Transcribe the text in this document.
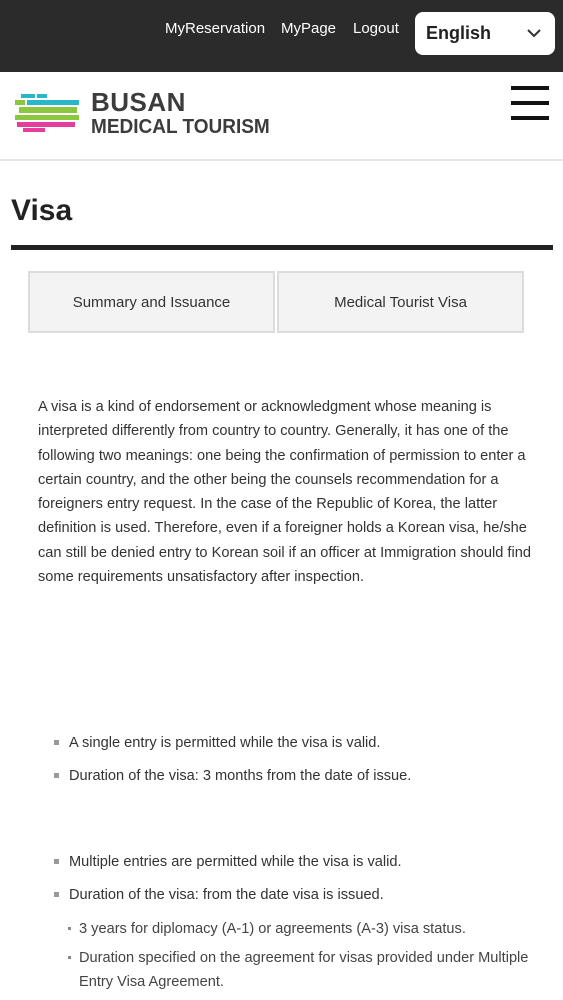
MyReservation MyPage Logout English
BUSAN
MEDICAL TOURISM
Visa
Summary and Issuance	Medical Tourist Visa

A visa is a kind of endorsement or acknowledgment whose meaning is interpreted differently from country to country. Generally, it has one of the following two meanings: one being the confirmation of permission to enter a certain country, and the other being the counsels recommendation for a foreigners entry request. In the case of the Republic of Korea, the latter definition is used. Therefore, even if a foreigner holds a Korean visa, he/she can still be denied entry to Korean soil if an officer at Immigration should find some requirements unsatisfactory after inspection.

A single entry is permitted while the visa is valid.
Duration of the visa: 3 months from the date of issue.
Multiple entries are permitted while the visa is valid.
Duration of the visa: from the date visa is issued.
3 years for diplomacy (A-1) or agreements (A-3) visa status.
Duration specified on the agreement for visas provided under Multiple Entry Visa Agreement.
